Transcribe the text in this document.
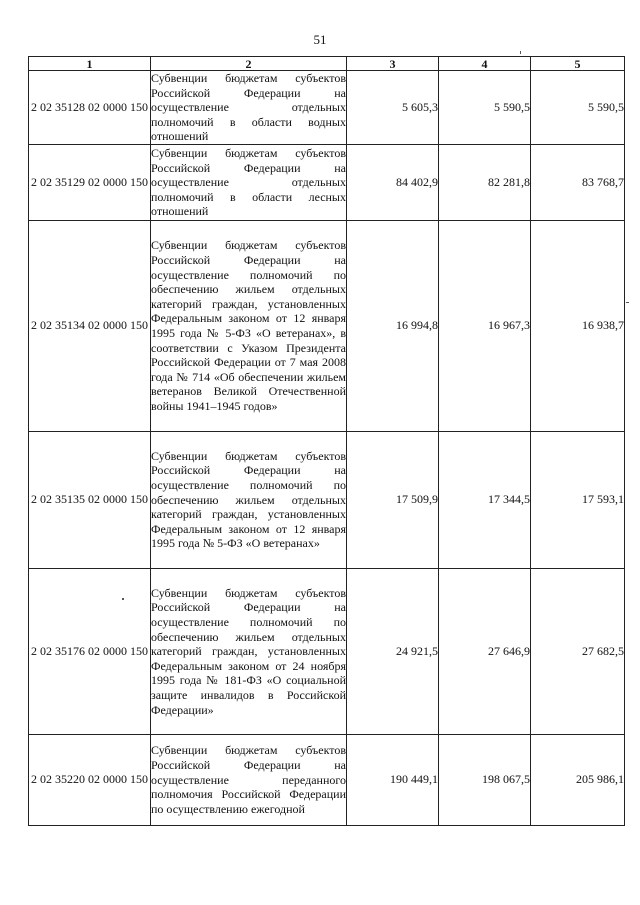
51
1	2	3	4	5
2 02 35128 02 0000 150	Субвенции бюджетам субъектов Российской Федерации на осуществление отдельных полномочий в области водных отношений	5 605,3	5 590,5	5 590,5
2 02 35129 02 0000 150	Субвенции бюджетам субъектов Российской Федерации на осуществление отдельных полномочий в области лесных отношений	84 402,9	82 281,8	83 768,7
2 02 35134 02 0000 150	Субвенции бюджетам субъектов Российской Федерации на осуществление полномочий по обеспечению жильем отдельных категорий граждан, установленных Федеральным законом от 12 января 1995 года № 5-ФЗ «О ветеранах», в соответствии с Указом Президента Российской Федерации от 7 мая 2008 года № 714 «Об обеспечении жильем ветеранов Великой Отечественной войны 1941–1945 годов»	16 994,8	16 967,3	16 938,7
2 02 35135 02 0000 150	Субвенции бюджетам субъектов Российской Федерации на осуществление полномочий по обеспечению жильем отдельных категорий граждан, установленных Федеральным законом от 12 января 1995 года № 5-ФЗ «О ветеранах»	17 509,9	17 344,5	17 593,1
2 02 35176 02 0000 150	Субвенции бюджетам субъектов Российской Федерации на осуществление полномочий по обеспечению жильем отдельных категорий граждан, установленных Федеральным законом от 24 ноября 1995 года № 181-ФЗ «О социальной защите инвалидов в Российской Федерации»	24 921,5	27 646,9	27 682,5
2 02 35220 02 0000 150	Субвенции бюджетам субъектов Российской Федерации на осуществление переданного полномочия Российской Федерации по осуществлению ежегодной	190 449,1	198 067,5	205 986,1
